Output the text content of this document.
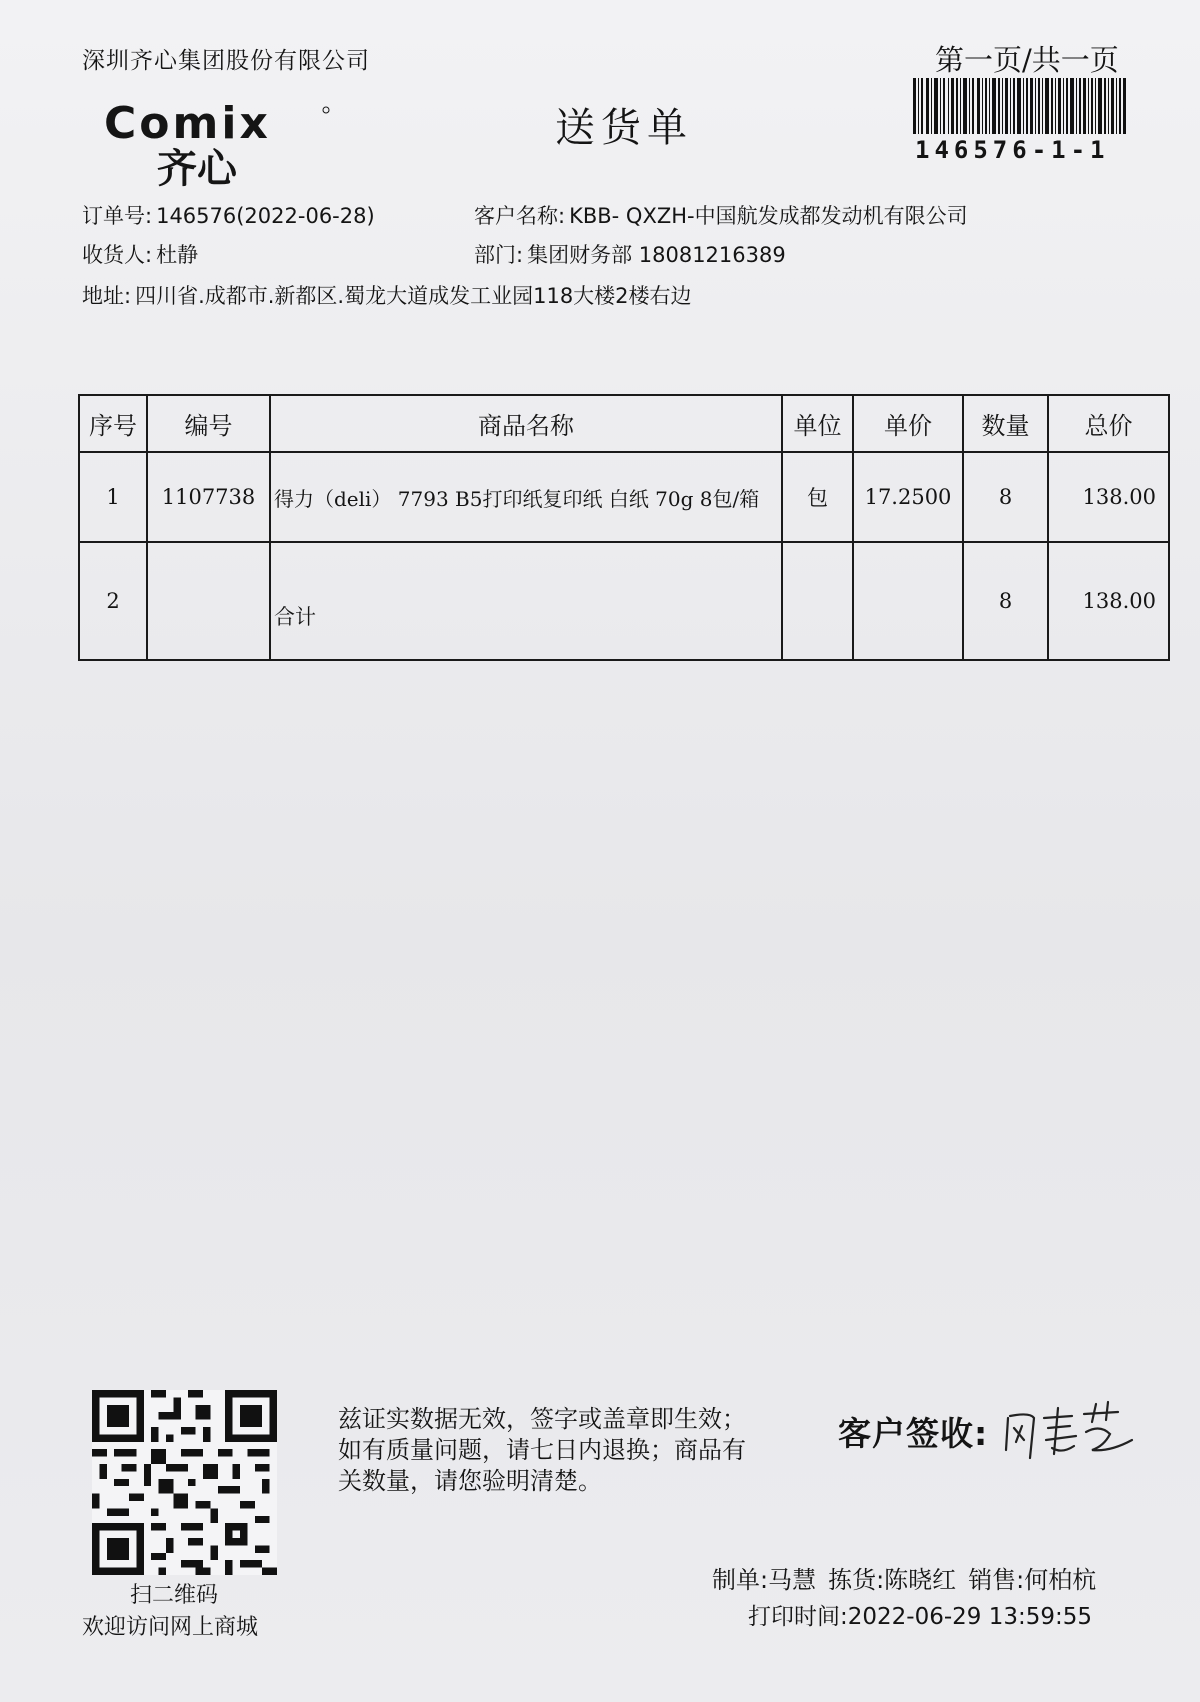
深圳齐心集团股份有限公司	第一页/共一页
146576-1-1
Comix
齐心
送货单
订单号: 146576(2022-06-28)	客户名称: KBB- QXZH-中国航发成都发动机有限公司
收货人: 杜静	部门: 集团财务部 18081216389
地址: 四川省.成都市.新都区.蜀龙大道成发工业园118大楼2楼右边
序号	编号	商品名称	单位	单价	数量	总价
1	1107738	得力（deli） 7793 B5打印纸复印纸 白纸 70g 8包/箱	包	17.2500	8	138.00
2		合计			8	138.00
扫二维码
欢迎访问网上商城
兹证实数据无效，签字或盖章即生效；如有质量问题，请七日内退换；商品有关数量，请您验明清楚。
客户签收:
制单:马慧 拣货:陈晓红 销售:何柏杭
打印时间:2022-06-29 13:59:55
